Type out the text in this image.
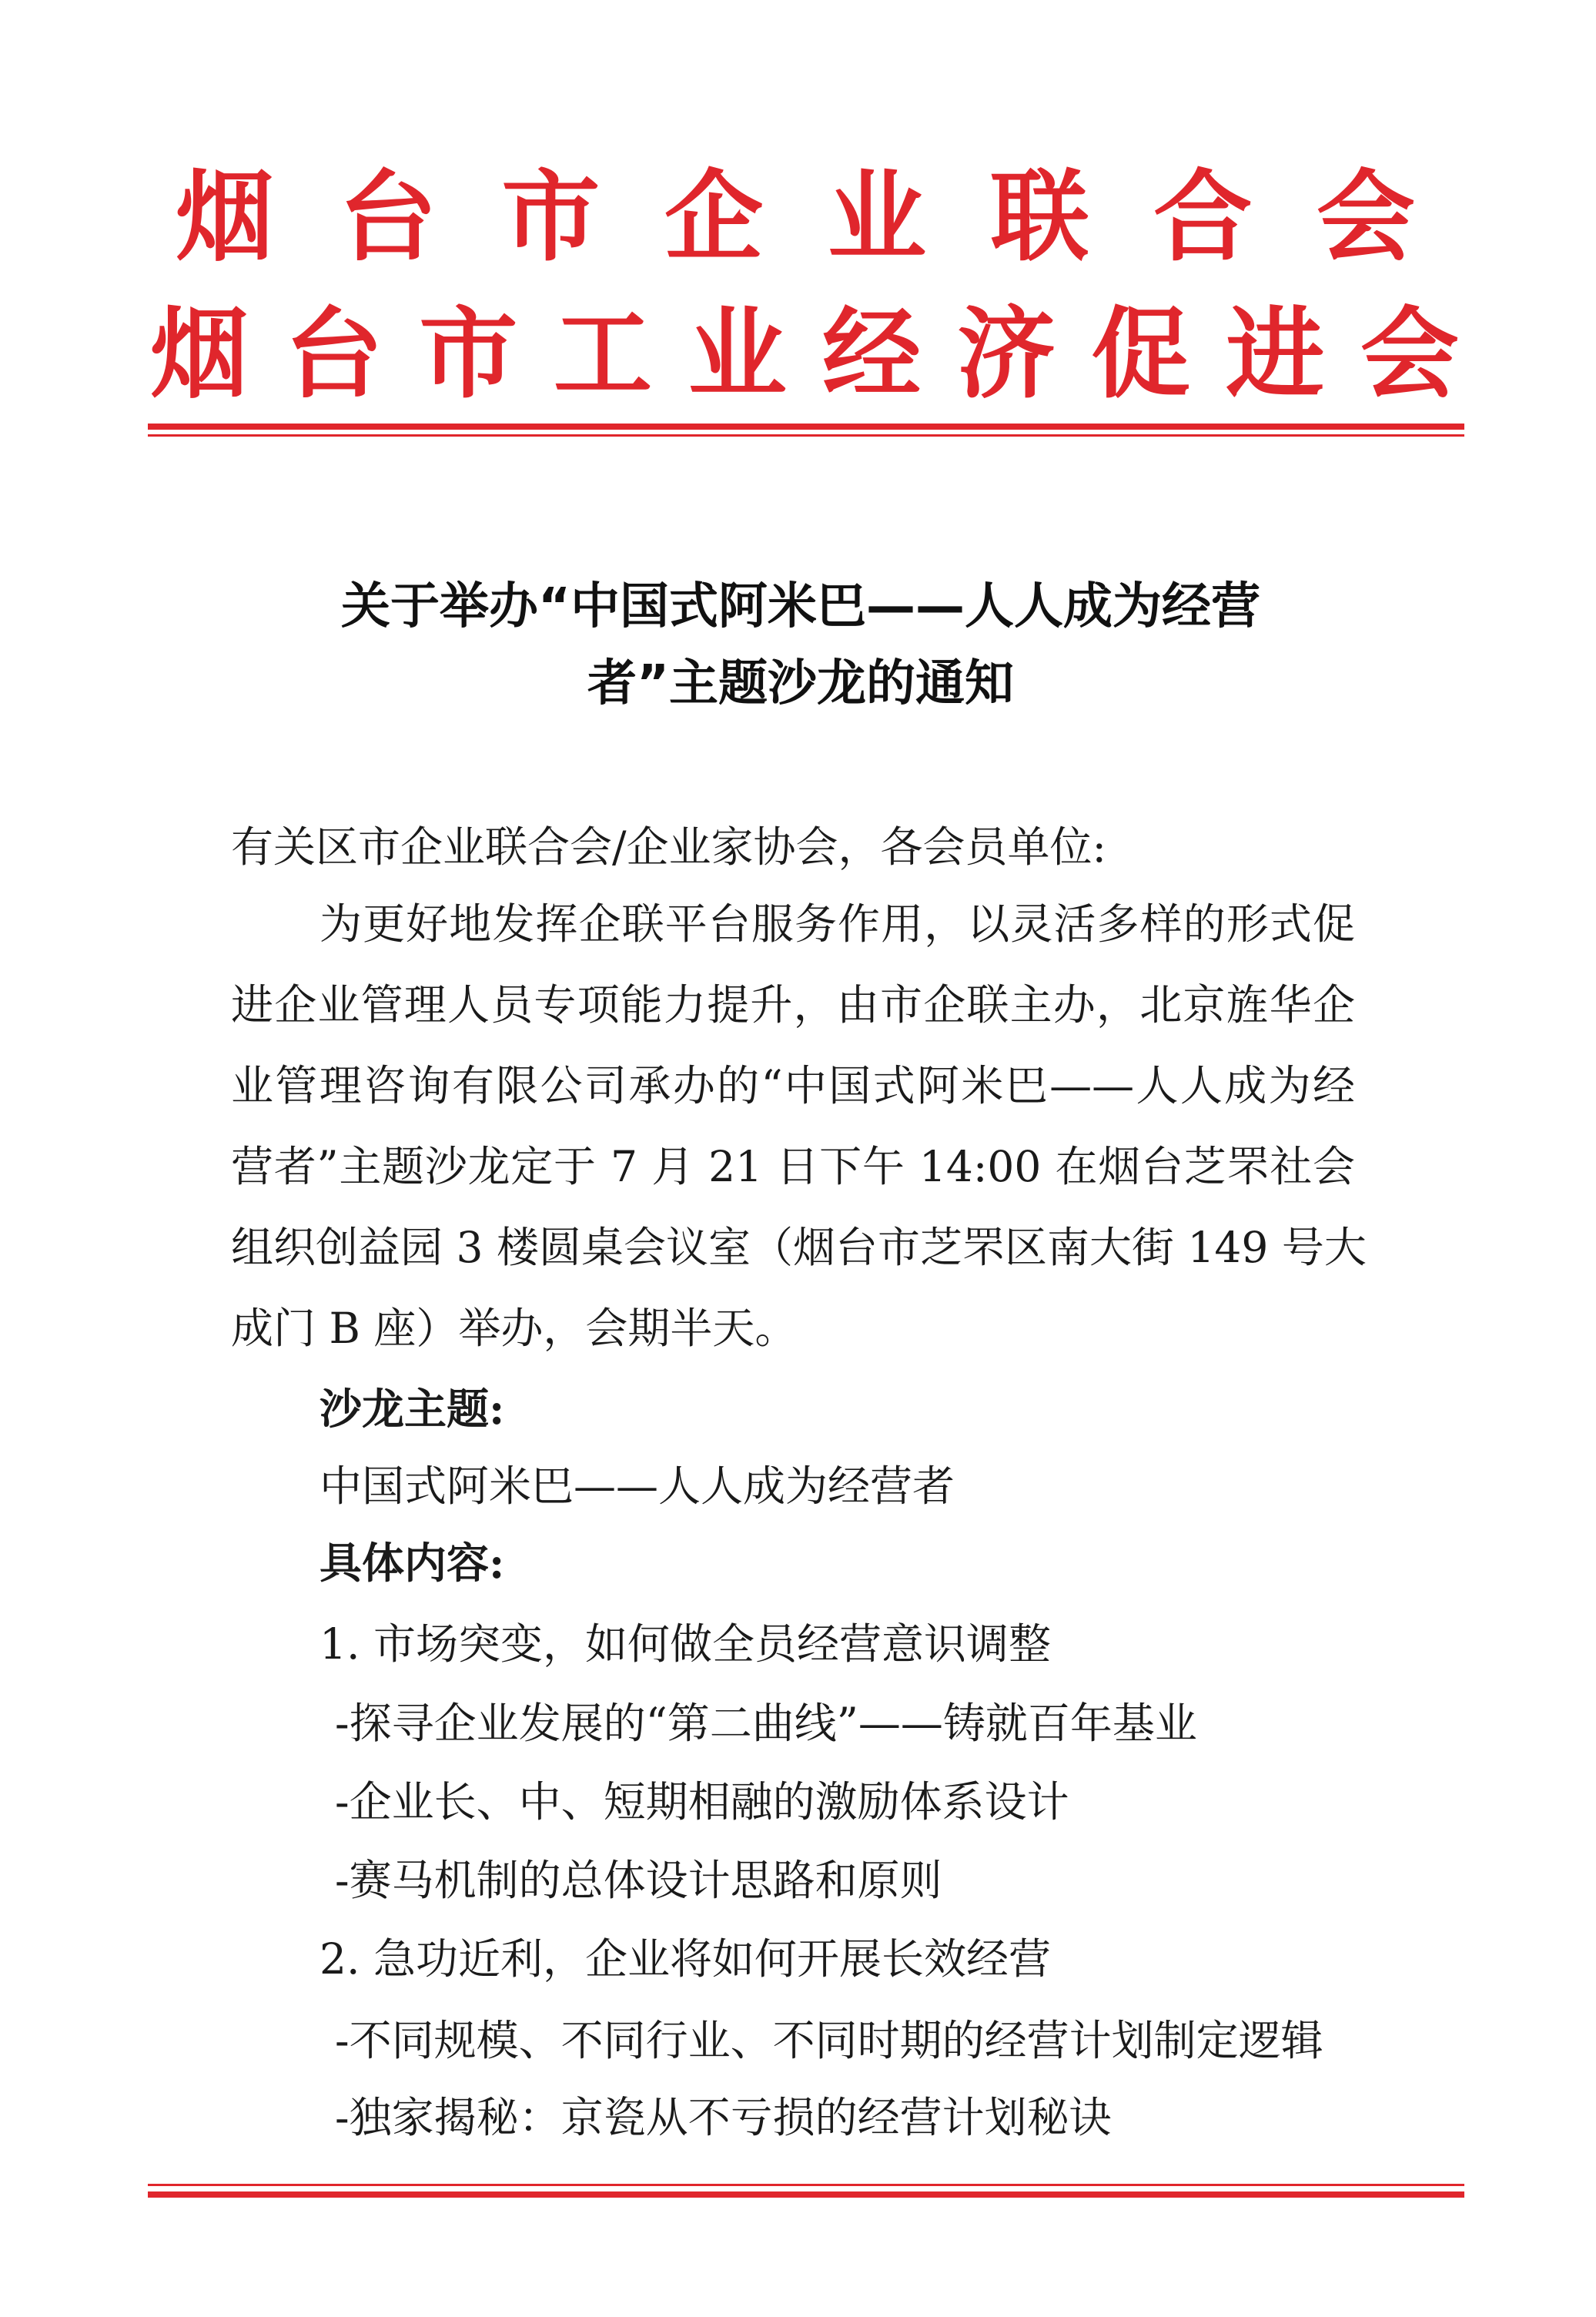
烟 台 市 企 业 联 合 会
烟 台 市 工 业 经 济 促 进 会
关于举办“中国式阿米巴——人人成为经营
者”主题沙龙的通知
有关区市企业联合会/企业家协会，各会员单位:
为更好地发挥企联平台服务作用，以灵活多样的形式促
进企业管理人员专项能力提升，由市企联主办，北京旌华企
业管理咨询有限公司承办的“中国式阿米巴——人人成为经
营者”主题沙龙定于 7 月 21 日下午 14:00 在烟台芝罘社会
组织创益园 3 楼圆桌会议室（烟台市芝罘区南大街 149 号大
成门 B 座）举办，会期半天。
沙龙主题:
中国式阿米巴——人人成为经营者
具体内容:
1. 市场突变，如何做全员经营意识调整
-探寻企业发展的“第二曲线”——铸就百年基业
-企业长、中、短期相融的激励体系设计
-赛马机制的总体设计思路和原则
2. 急功近利，企业将如何开展长效经营
-不同规模、不同行业、不同时期的经营计划制定逻辑
-独家揭秘：京瓷从不亏损的经营计划秘诀
